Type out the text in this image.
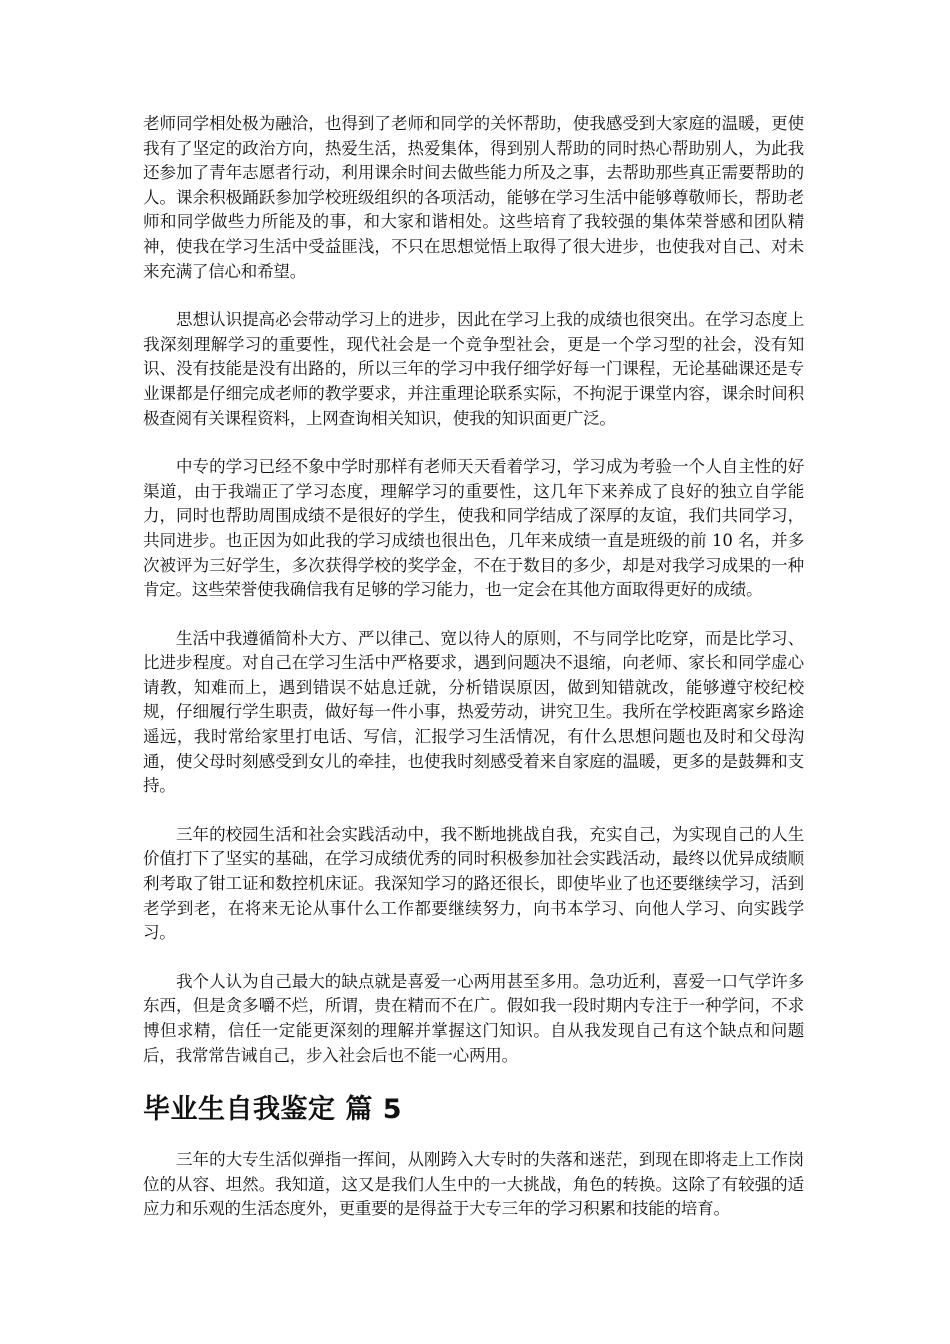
老师同学相处极为融洽，也得到了老师和同学的关怀帮助，使我感受到大家庭的温暖，更使我有了坚定的政治方向，热爱生活，热爱集体，得到别人帮助的同时热心帮助别人，为此我还参加了青年志愿者行动，利用课余时间去做些能力所及之事，去帮助那些真正需要帮助的人。课余积极踊跃参加学校班级组织的各项活动，能够在学习生活中能够尊敬师长，帮助老师和同学做些力所能及的事，和大家和谐相处。这些培育了我较强的集体荣誉感和团队精神，使我在学习生活中受益匪浅，不只在思想觉悟上取得了很大进步，也使我对自己、对未来充满了信心和希望。

思想认识提高必会带动学习上的进步，因此在学习上我的成绩也很突出。在学习态度上我深刻理解学习的重要性，现代社会是一个竞争型社会，更是一个学习型的社会，没有知识、没有技能是没有出路的，所以三年的学习中我仔细学好每一门课程，无论基础课还是专业课都是仔细完成老师的教学要求，并注重理论联系实际，不拘泥于课堂内容，课余时间积极查阅有关课程资料，上网查询相关知识，使我的知识面更广泛。

中专的学习已经不象中学时那样有老师天天看着学习，学习成为考验一个人自主性的好渠道，由于我端正了学习态度，理解学习的重要性，这几年下来养成了良好的独立自学能力，同时也帮助周围成绩不是很好的学生，使我和同学结成了深厚的友谊，我们共同学习，共同进步。也正因为如此我的学习成绩也很出色，几年来成绩一直是班级的前 10 名，并多次被评为三好学生，多次获得学校的奖学金，不在于数目的多少，却是对我学习成果的一种肯定。这些荣誉使我确信我有足够的学习能力，也一定会在其他方面取得更好的成绩。

生活中我遵循简朴大方、严以律己、宽以待人的原则，不与同学比吃穿，而是比学习、比进步程度。对自己在学习生活中严格要求，遇到问题决不退缩，向老师、家长和同学虚心请教，知难而上，遇到错误不姑息迁就，分析错误原因，做到知错就改，能够遵守校纪校规，仔细履行学生职责，做好每一件小事，热爱劳动，讲究卫生。我所在学校距离家乡路途遥远，我时常给家里打电话、写信，汇报学习生活情况，有什么思想问题也及时和父母沟通，使父母时刻感受到女儿的牵挂，也使我时刻感受着来自家庭的温暖，更多的是鼓舞和支持。

三年的校园生活和社会实践活动中，我不断地挑战自我，充实自己，为实现自己的人生价值打下了坚实的基础，在学习成绩优秀的同时积极参加社会实践活动，最终以优异成绩顺利考取了钳工证和数控机床证。我深知学习的路还很长，即使毕业了也还要继续学习，活到老学到老，在将来无论从事什么工作都要继续努力，向书本学习、向他人学习、向实践学习。

我个人认为自己最大的缺点就是喜爱一心两用甚至多用。急功近利，喜爱一口气学许多东西，但是贪多嚼不烂，所谓，贵在精而不在广。假如我一段时期内专注于一种学问，不求博但求精，信任一定能更深刻的理解并掌握这门知识。自从我发现自己有这个缺点和问题后，我常常告诫自己，步入社会后也不能一心两用。

毕业生自我鉴定 篇 5

三年的大专生活似弹指一挥间，从刚跨入大专时的失落和迷茫，到现在即将走上工作岗位的从容、坦然。我知道，这又是我们人生中的一大挑战，角色的转换。这除了有较强的适应力和乐观的生活态度外，更重要的是得益于大专三年的学习积累和技能的培育。
